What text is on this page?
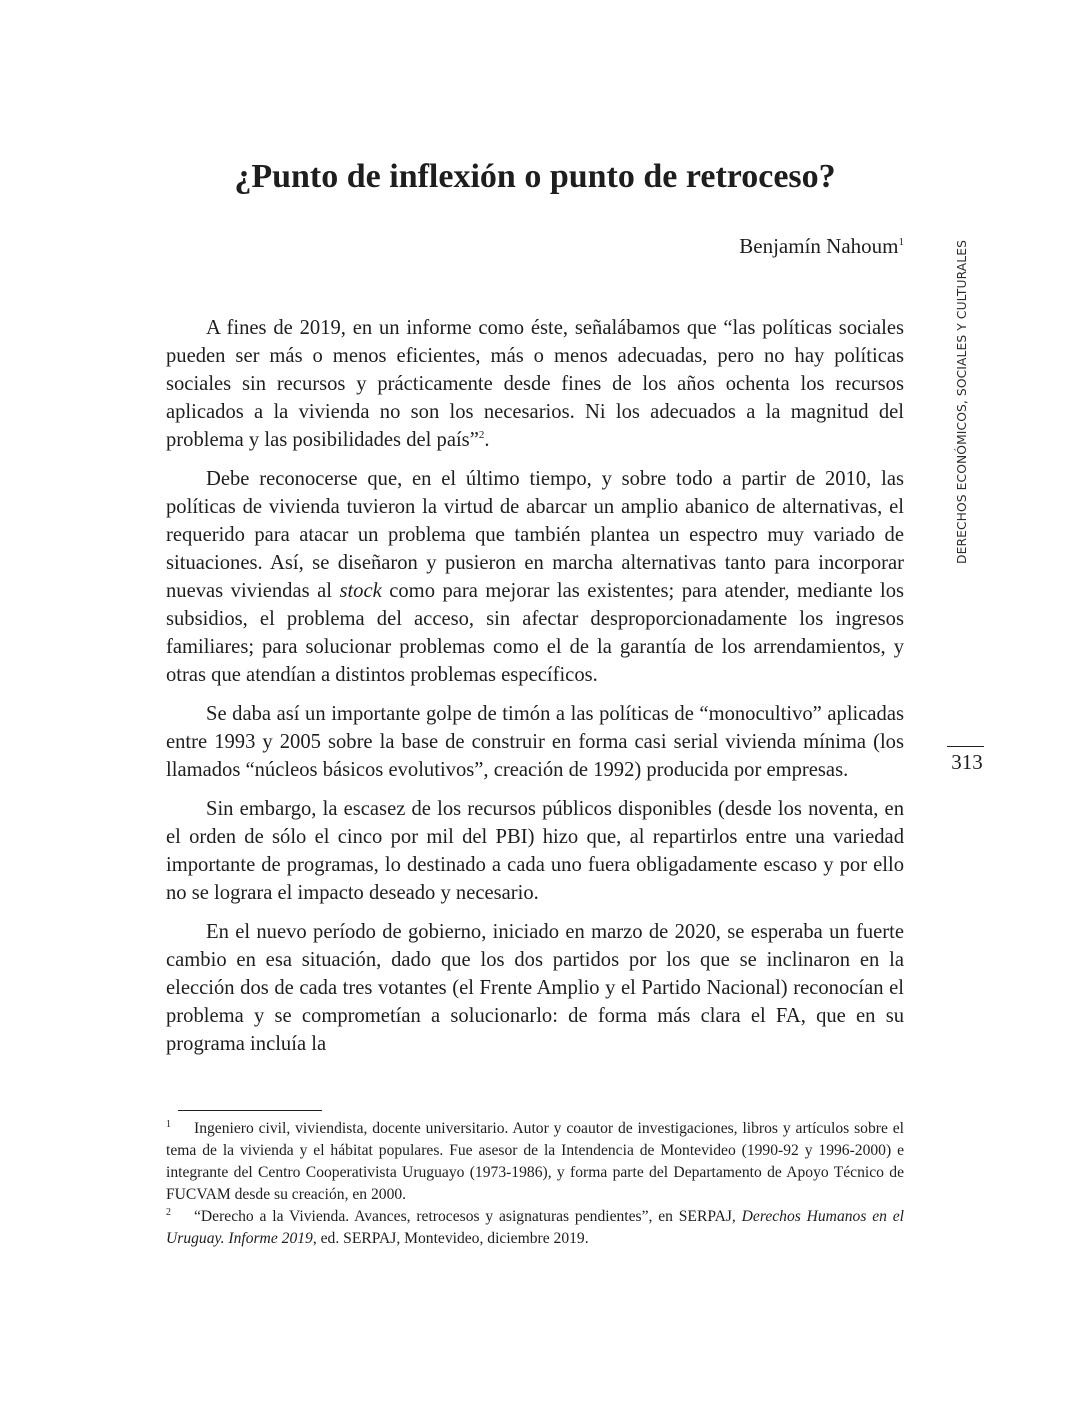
¿Punto de inflexión o punto de retroceso?
Benjamín Nahoum$^1$

A fines de 2019, en un informe como éste, señalábamos que “las políticas sociales pueden ser más o menos eficientes, más o menos adecuadas, pero no hay políticas sociales sin recursos y prácticamente desde fines de los años ochenta los recursos aplicados a la vivienda no son los necesarios. Ni los adecuados a la magnitud del problema y las posibilidades del país”$^2$.

Debe reconocerse que, en el último tiempo, y sobre todo a partir de 2010, las políticas de vivienda tuvieron la virtud de abarcar un amplio abanico de alternativas, el requerido para atacar un problema que también plantea un espectro muy variado de situaciones. Así, se diseñaron y pusieron en marcha alternativas tanto para incorporar nuevas viviendas al stock como para mejorar las existentes; para atender, mediante los subsidios, el problema del acceso, sin afectar desproporcionadamente los ingresos familiares; para solucionar problemas como el de la garantía de los arrendamientos, y otras que atendían a distintos problemas específicos.

Se daba así un importante golpe de timón a las políticas de “monocultivo” aplicadas entre 1993 y 2005 sobre la base de construir en forma casi serial vivienda mínima (los llamados “núcleos básicos evolutivos”, creación de 1992) producida por empresas.

Sin embargo, la escasez de los recursos públicos disponibles (desde los noventa, en el orden de sólo el cinco por mil del PBI) hizo que, al repartirlos entre una variedad importante de programas, lo destinado a cada uno fuera obligadamente escaso y por ello no se lograra el impacto deseado y necesario.

En el nuevo período de gobierno, iniciado en marzo de 2020, se esperaba un fuerte cambio en esa situación, dado que los dos partidos por los que se inclinaron en la elección dos de cada tres votantes (el Frente Amplio y el Partido Nacional) reconocían el problema y se comprometían a solucionarlo: de forma más clara el FA, que en su programa incluía la

DERECHOS ECONÓMICOS, SOCIALES Y CULTURALES
313

1 Ingeniero civil, viviendista, docente universitario. Autor y coautor de investigaciones, libros y artículos sobre el tema de la vivienda y el hábitat populares. Fue asesor de la Intendencia de Montevideo (1990-92 y 1996-2000) e integrante del Centro Cooperativista Uruguayo (1973-1986), y forma parte del Departamento de Apoyo Técnico de FUCVAM desde su creación, en 2000.

2 “Derecho a la Vivienda. Avances, retrocesos y asignaturas pendientes”, en SERPAJ, Derechos Humanos en el Uruguay. Informe 2019, ed. SERPAJ, Montevideo, diciembre 2019.
